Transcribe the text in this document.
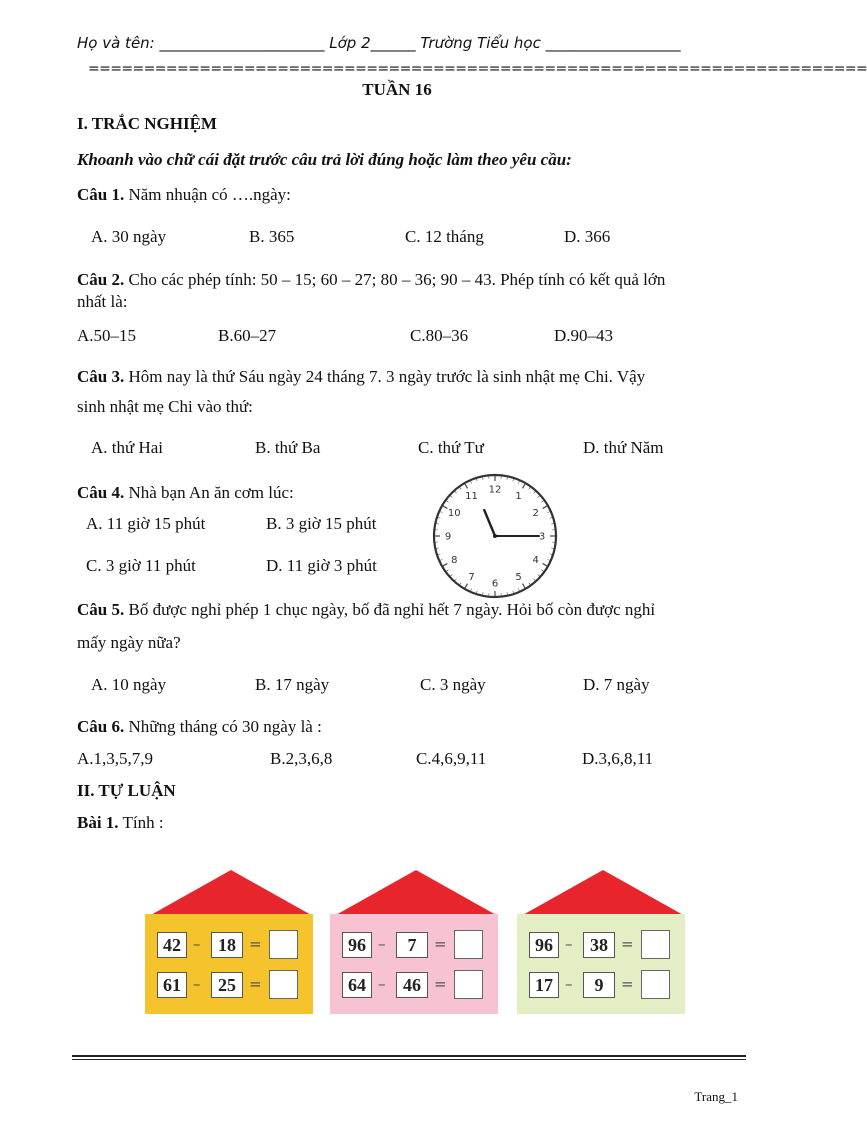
Họ và tên: ______________________ Lớp 2______ Trường Tiểu học __________________
======================================================================
TUẦN 16
I. TRẮC NGHIỆM
Khoanh vào chữ cái đặt trước câu trả lời đúng hoặc làm theo yêu cầu:
Câu 1. Năm nhuận có ….ngày:
A. 30 ngày	B. 365	C. 12 tháng	D. 366
Câu 2. Cho các phép tính: 50 – 15; 60 – 27; 80 – 36; 90 – 43. Phép tính có kết quả lớn
nhất là:
A.50–15	B.60–27	C.80–36	D.90–43
Câu 3. Hôm nay là thứ Sáu ngày 24 tháng 7. 3 ngày trước là sinh nhật mẹ Chi. Vậy
sinh nhật mẹ Chi vào thứ:
A. thứ Hai	B. thứ Ba	C. thứ Tư	D. thứ Năm
Câu 4. Nhà bạn An ăn cơm lúc:
A. 11 giờ 15 phút	B. 3 giờ 15 phút
C. 3 giờ 11 phút	D. 11 giờ 3 phút
12
1
2
3
4
5
6
7
8
9
10
11
Câu 5. Bố được nghỉ phép 1 chục ngày, bố đã nghỉ hết 7 ngày. Hỏi bố còn được nghỉ
mấy ngày nữa?
A. 10 ngày	B. 17 ngày	C. 3 ngày	D. 7 ngày
Câu 6. Những tháng có 30 ngày là :
A.1,3,5,7,9	B.2,3,6,8	C.4,6,9,11	D.3,6,8,11
II. TỰ LUẬN
Bài 1. Tính :
42 – 18 =
61 – 25 =
96 –	7	=
64 – 46 =
96 – 38 =
17 –	9	=
Trang_1
